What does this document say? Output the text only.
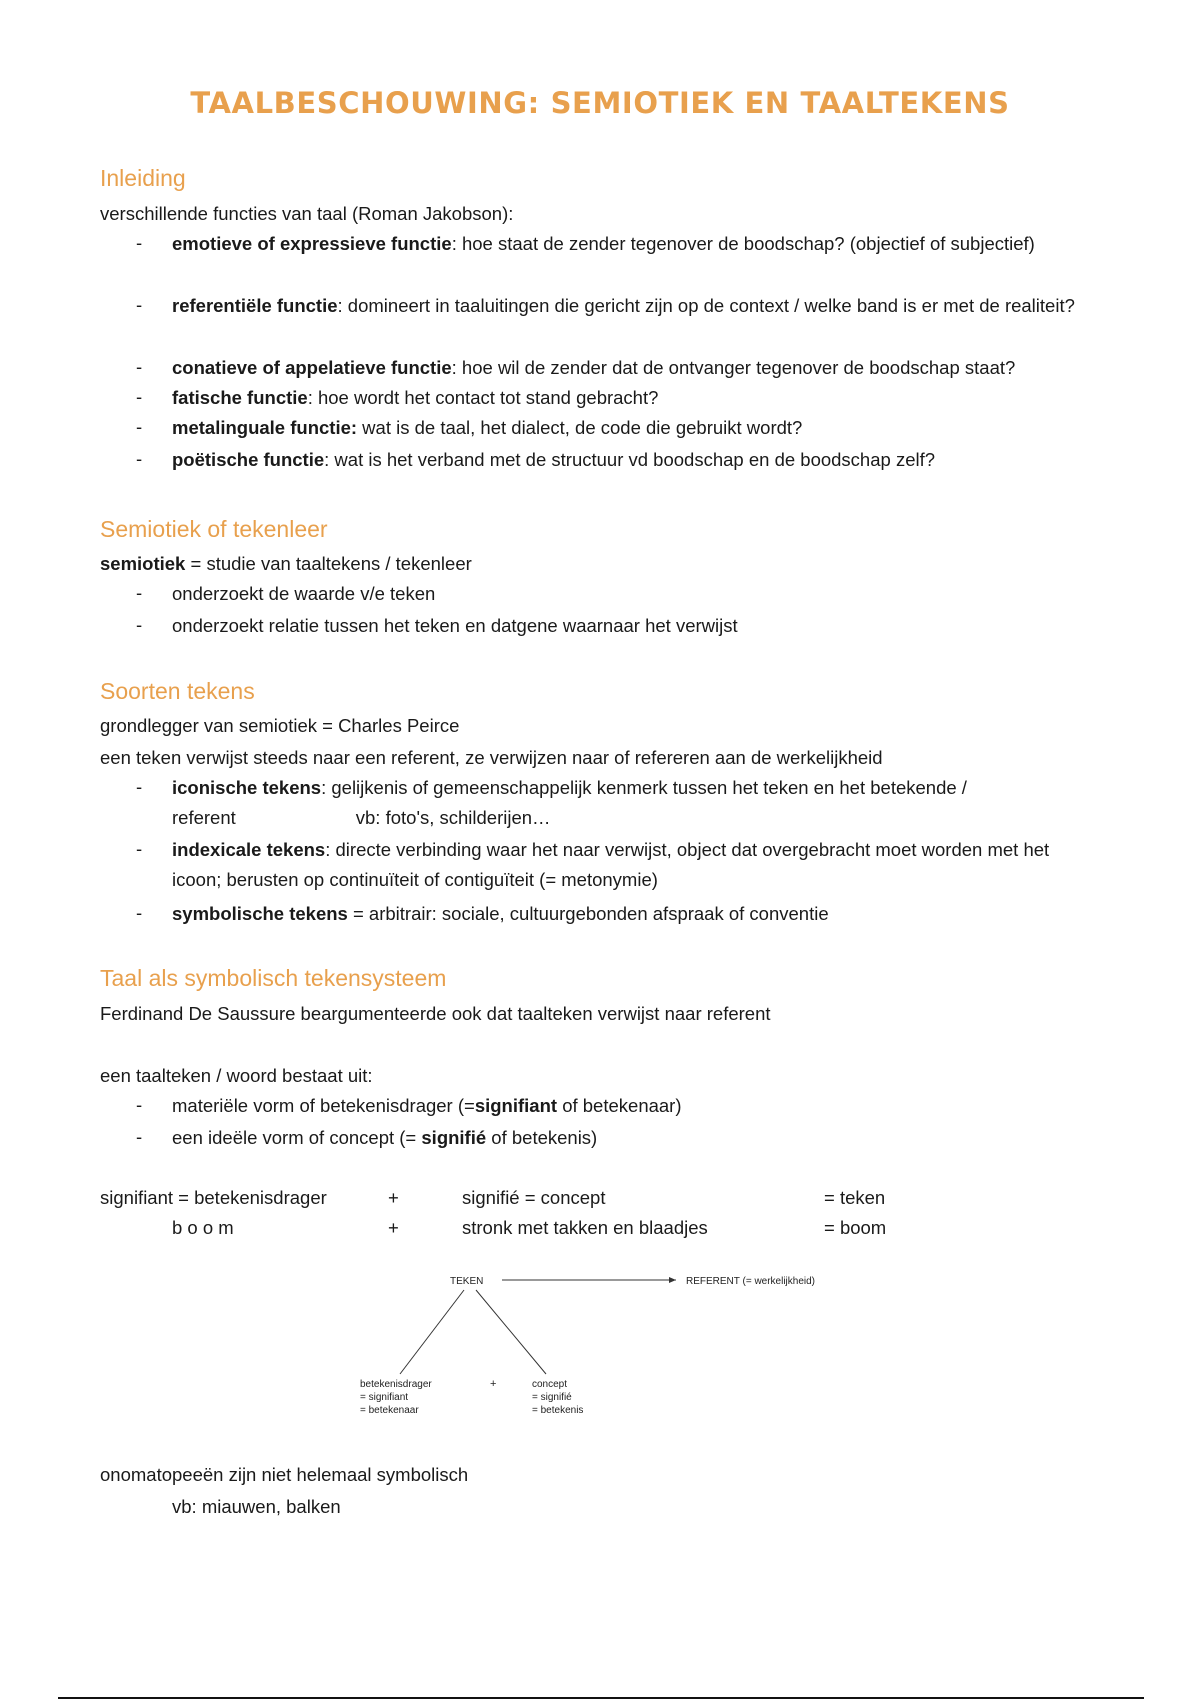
TAALBESCHOUWING: SEMIOTIEK EN TAALTEKENS
Inleiding
verschillende functies van taal (Roman Jakobson):
- emotieve of expressieve functie: hoe staat de zender tegenover de boodschap? (objectief of subjectief)
- referentiële functie: domineert in taaluitingen die gericht zijn op de context / welke band is er met de realiteit?
- conatieve of appelatieve functie: hoe wil de zender dat de ontvanger tegenover de boodschap staat?
- fatische functie: hoe wordt het contact tot stand gebracht?
- metalinguale functie: wat is de taal, het dialect, de code die gebruikt wordt?
- poëtische functie: wat is het verband met de structuur vd boodschap en de boodschap zelf?
Semiotiek of tekenleer
semiotiek = studie van taaltekens / tekenleer
- onderzoekt de waarde v/e teken
- onderzoekt relatie tussen het teken en datgene waarnaar het verwijst
Soorten tekens
grondlegger van semiotiek = Charles Peirce
een teken verwijst steeds naar een referent, ze verwijzen naar of refereren aan de werkelijkheid
- iconische tekens: gelijkenis of gemeenschappelijk kenmerk tussen het teken en het betekende /
referent	vb: foto's, schilderijen…
- indexicale tekens: directe verbinding waar het naar verwijst, object dat overgebracht moet worden met het icoon; berusten op continuïteit of contiguïteit (= metonymie)
- symbolische tekens = arbitrair: sociale, cultuurgebonden afspraak of conventie
Taal als symbolisch tekensysteem
Ferdinand De Saussure beargumenteerde ook dat taalteken verwijst naar referent
een taalteken / woord bestaat uit:
- materiële vorm of betekenisdrager (=signifiant of betekenaar)
- een ideële vorm of concept (= signifié of betekenis)
signifiant = betekenisdrager	+	signifié = concept	= teken
b o o m	+	stronk met takken en blaadjes	= boom
TEKEN	REFERENT (= werkelijkheid)
betekenisdrager
= signifiant
= betekenaar
+	concept
= signifié
= betekenis
onomatopeeën zijn niet helemaal symbolisch
vb: miauwen, balken
